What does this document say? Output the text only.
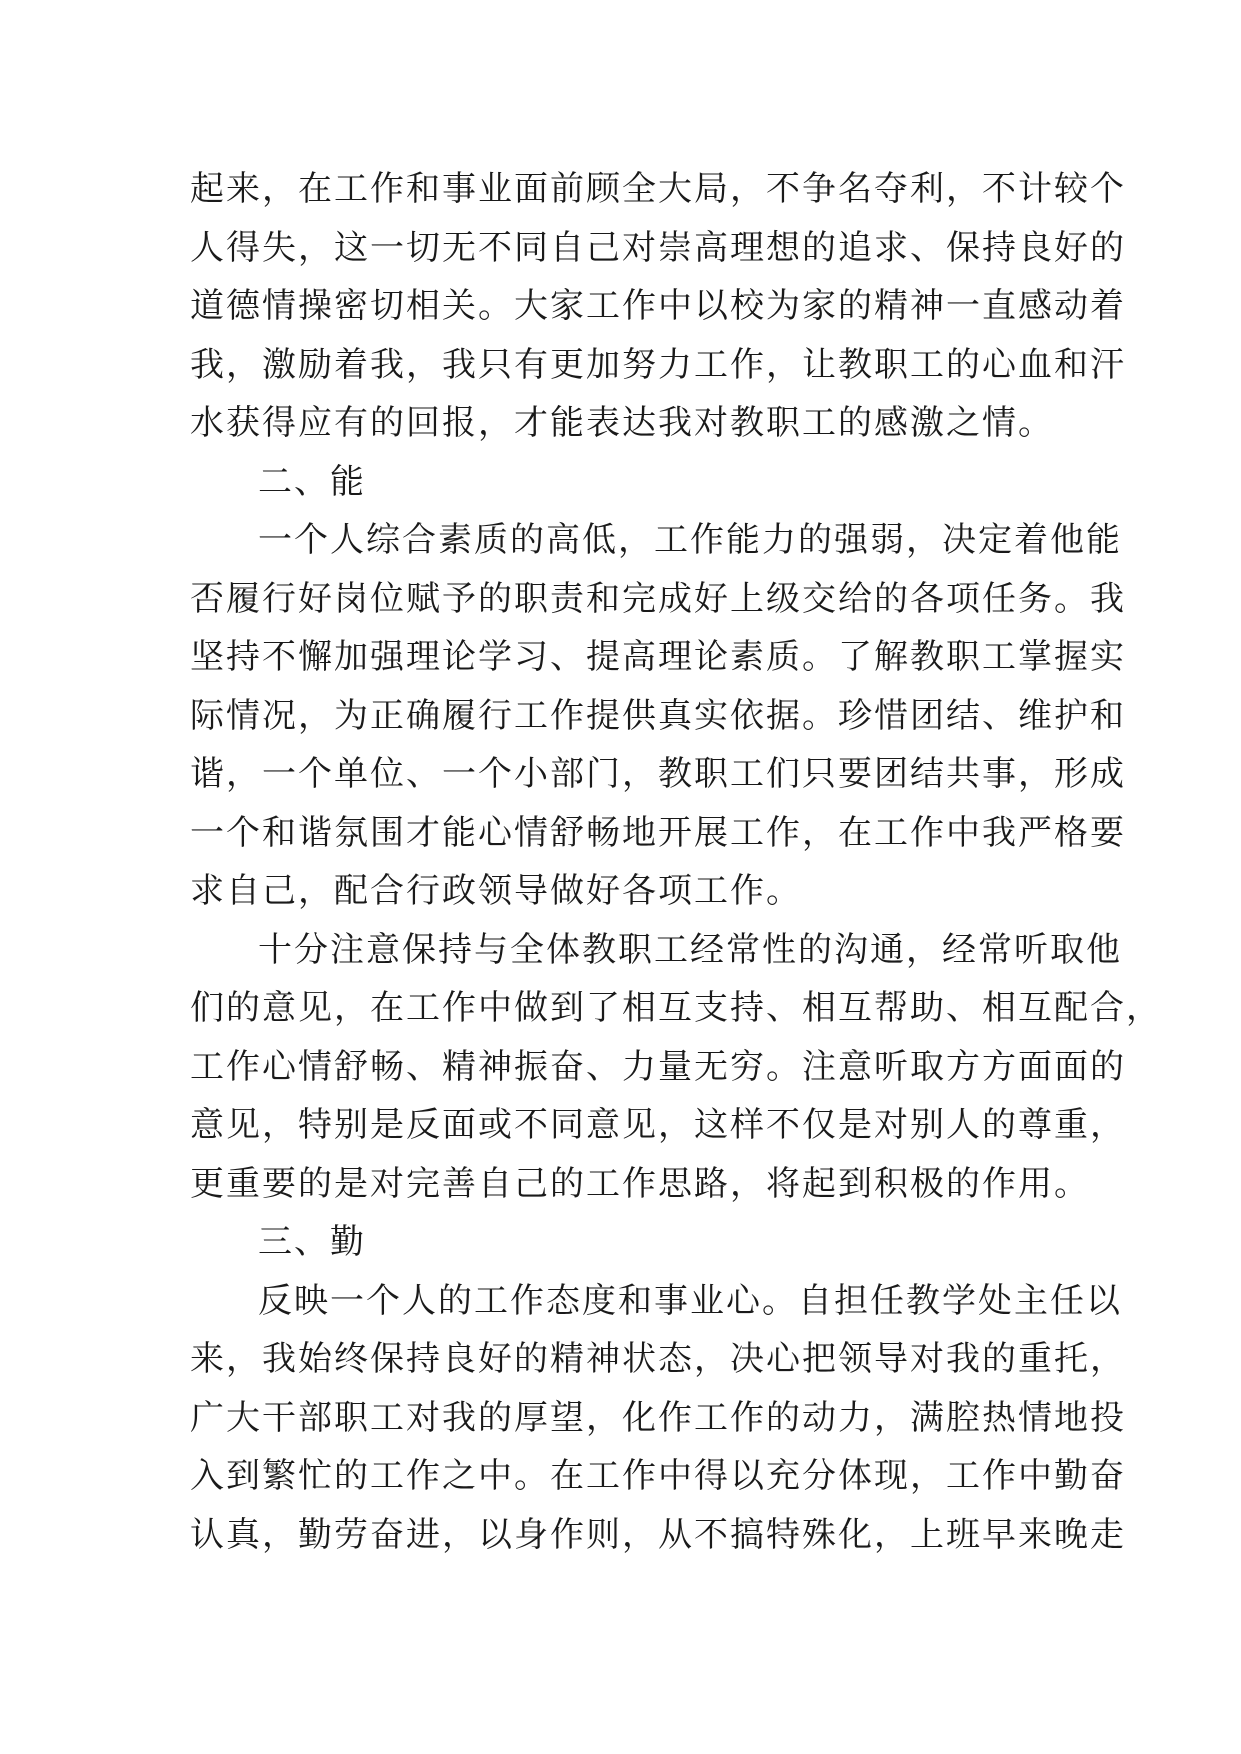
起来，在工作和事业面前顾全大局，不争名夺利，不计较个
人得失，这一切无不同自己对崇高理想的追求、保持良好的
道德情操密切相关。大家工作中以校为家的精神一直感动着
我，激励着我，我只有更加努力工作，让教职工的心血和汗
水获得应有的回报，才能表达我对教职工的感激之情。
二、能
一个人综合素质的高低，工作能力的强弱，决定着他能
否履行好岗位赋予的职责和完成好上级交给的各项任务。我
坚持不懈加强理论学习、提高理论素质。了解教职工掌握实
际情况，为正确履行工作提供真实依据。珍惜团结、维护和
谐，一个单位、一个小部门，教职工们只要团结共事，形成
一个和谐氛围才能心情舒畅地开展工作，在工作中我严格要
求自己，配合行政领导做好各项工作。
十分注意保持与全体教职工经常性的沟通，经常听取他
们的意见，在工作中做到了相互支持、相互帮助、相互配合，
工作心情舒畅、精神振奋、力量无穷。注意听取方方面面的
意见，特别是反面或不同意见，这样不仅是对别人的尊重，
更重要的是对完善自己的工作思路，将起到积极的作用。
三、勤
反映一个人的工作态度和事业心。自担任教学处主任以
来，我始终保持良好的精神状态，决心把领导对我的重托，
广大干部职工对我的厚望，化作工作的动力，满腔热情地投
入到繁忙的工作之中。在工作中得以充分体现，工作中勤奋
认真，勤劳奋进，以身作则，从不搞特殊化，上班早来晚走
